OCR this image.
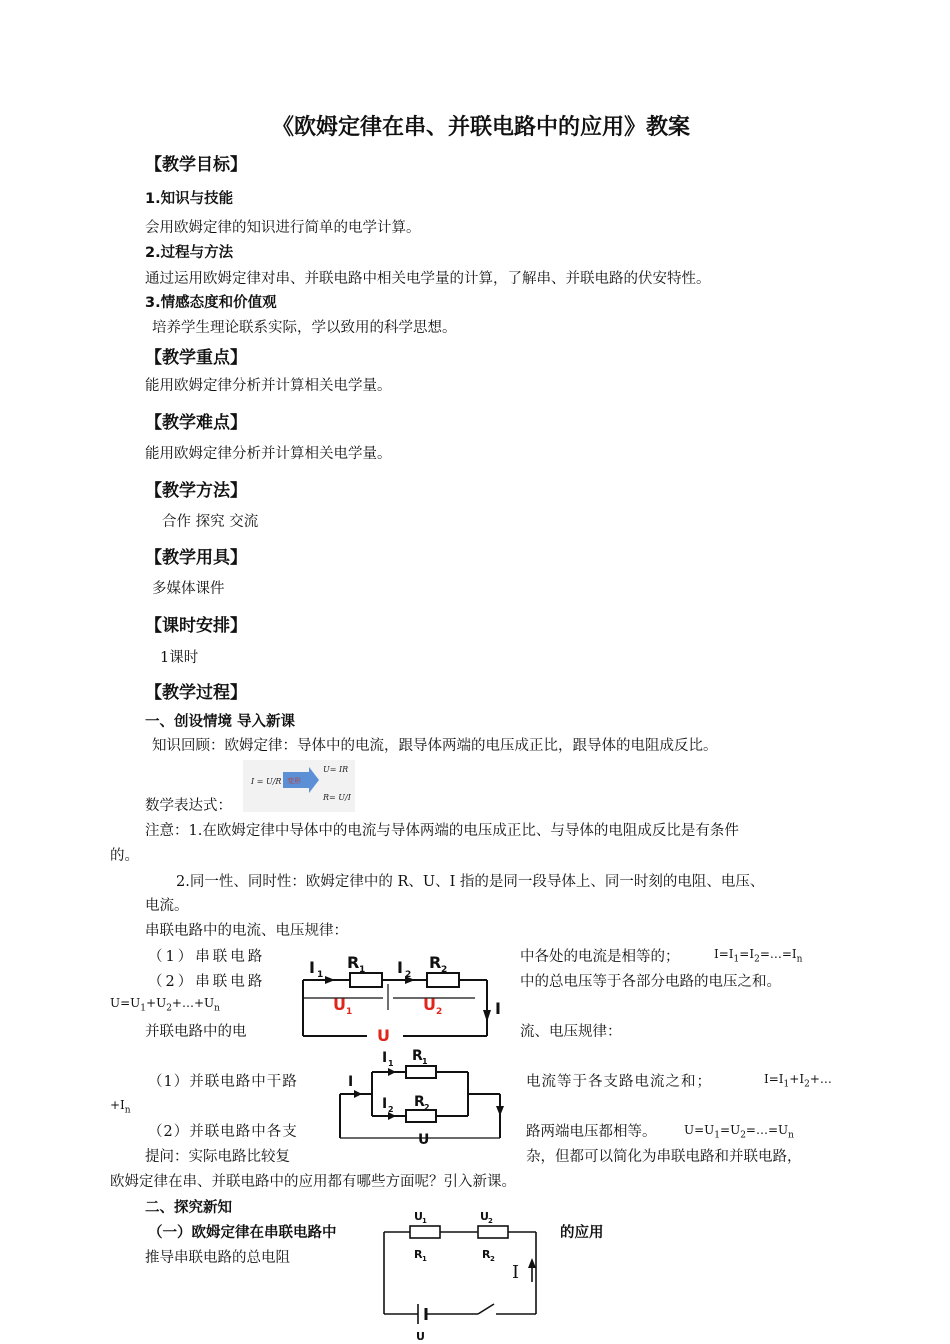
《欧姆定律在串、并联电路中的应用》教案
【教学目标】
1.知识与技能
会用欧姆定律的知识进行简单的电学计算。
2.过程与方法
通过运用欧姆定律对串、并联电路中相关电学量的计算，了解串、并联电路的伏安特性。
3.情感态度和价值观
培养学生理论联系实际，学以致用的科学思想。
【教学重点】
能用欧姆定律分析并计算相关电学量。
【教学难点】
能用欧姆定律分析并计算相关电学量。
【教学方法】
合作 探究 交流
【教学用具】
多媒体课件
【课时安排】
1课时
【教学过程】
一、创设情境 导入新课
知识回顾：欧姆定律：导体中的电流，跟导体两端的电压成正比，跟导体的电阻成反比。
I = U/R 变形
U= IR
R= U/I
数学表达式：
注意：1.在欧姆定律中导体中的电流与导体两端的电压成正比、与导体的电阻成反比是有条件
的。
2.同一性、同时性：欧姆定律中的 R、U、I 指的是同一段导体上、同一时刻的电阻、电压、
电流。
串联电路中的电流、电压规律：
（1）串联电路	中各处的电流是相等的；	$I=I_1=I_2=\dots=I_n$
（2）串联电路	中的总电压等于各部分电路的电压之和。
$U=U_1+U_2+\dots+U_n$
I 1
R 1 I 2
R 2
I
U 1	U 2
U
并联电路中的电	流、电压规律：
I 1 R 1
I 2 R 2
I
U
（1）并联电路中干路	电流等于各支路电流之和；	$I=I_1+I_2+\dots$
$+I_n$
（2）并联电路中各支	路两端电压都相等。 $U=U_1=U_2=\dots=U_n$
提问：实际电路比较复	杂，但都可以简化为串联电路和并联电路，
欧姆定律在串、并联电路中的应用都有哪些方面呢？引入新课。
二、探究新知
（一）欧姆定律在串联电路中	的应用
推导串联电路的总电阻
U 1	U 2
R 1	R 2
U
I
